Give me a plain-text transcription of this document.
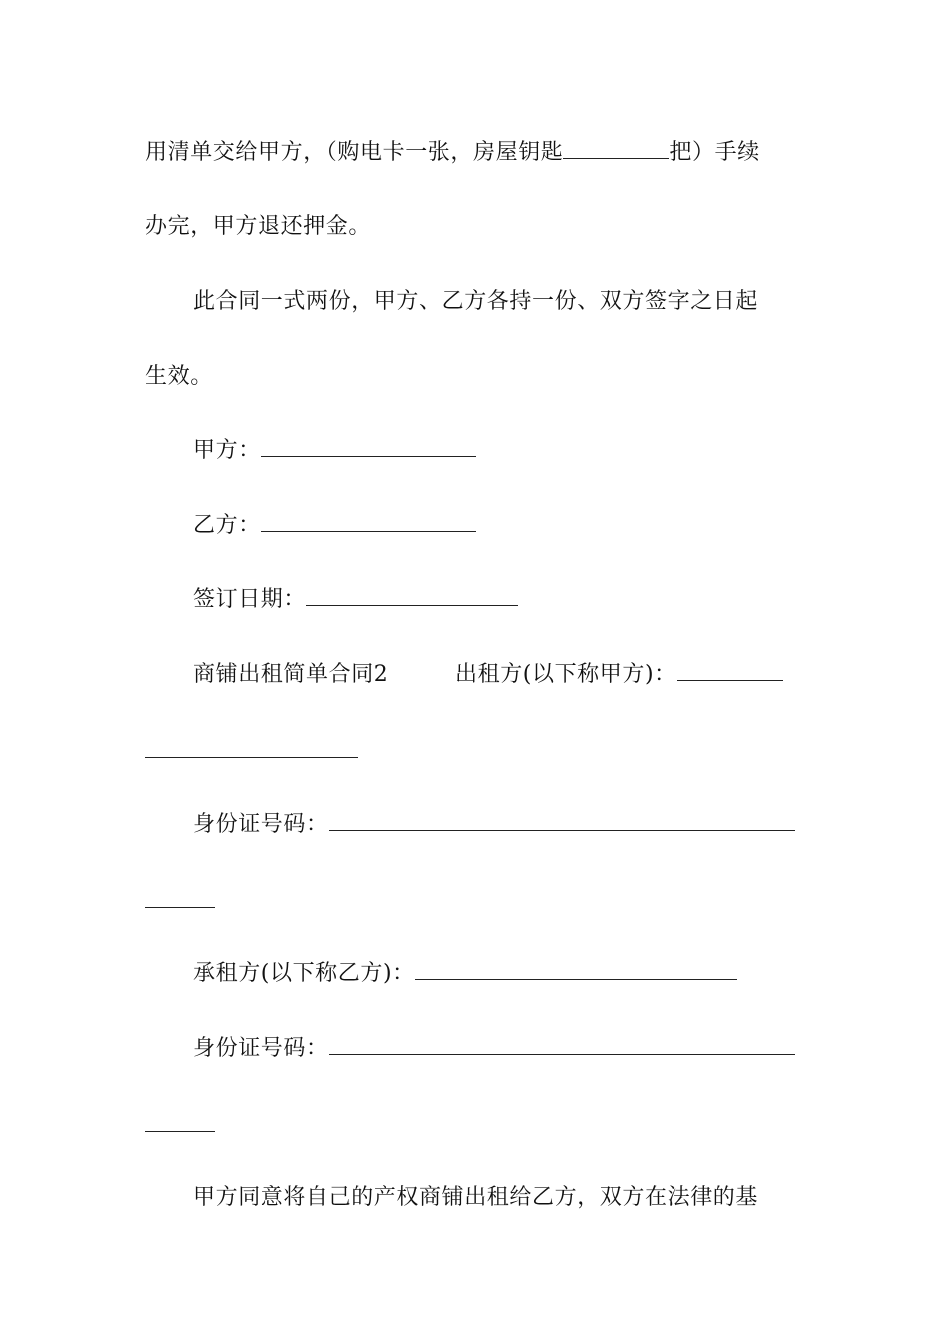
用清单交给甲方，（购电卡一张，房屋钥匙	把）手续
办完，甲方退还押金。
此合同一式两份，甲方、乙方各持一份、双方签字之日起
生效。
甲方：
乙方：
签订日期：
商铺出租简单合同2	出租方(以下称甲方)：
身份证号码：
承租方(以下称乙方)：
身份证号码：
甲方同意将自己的产权商铺出租给乙方，双方在法律的基
